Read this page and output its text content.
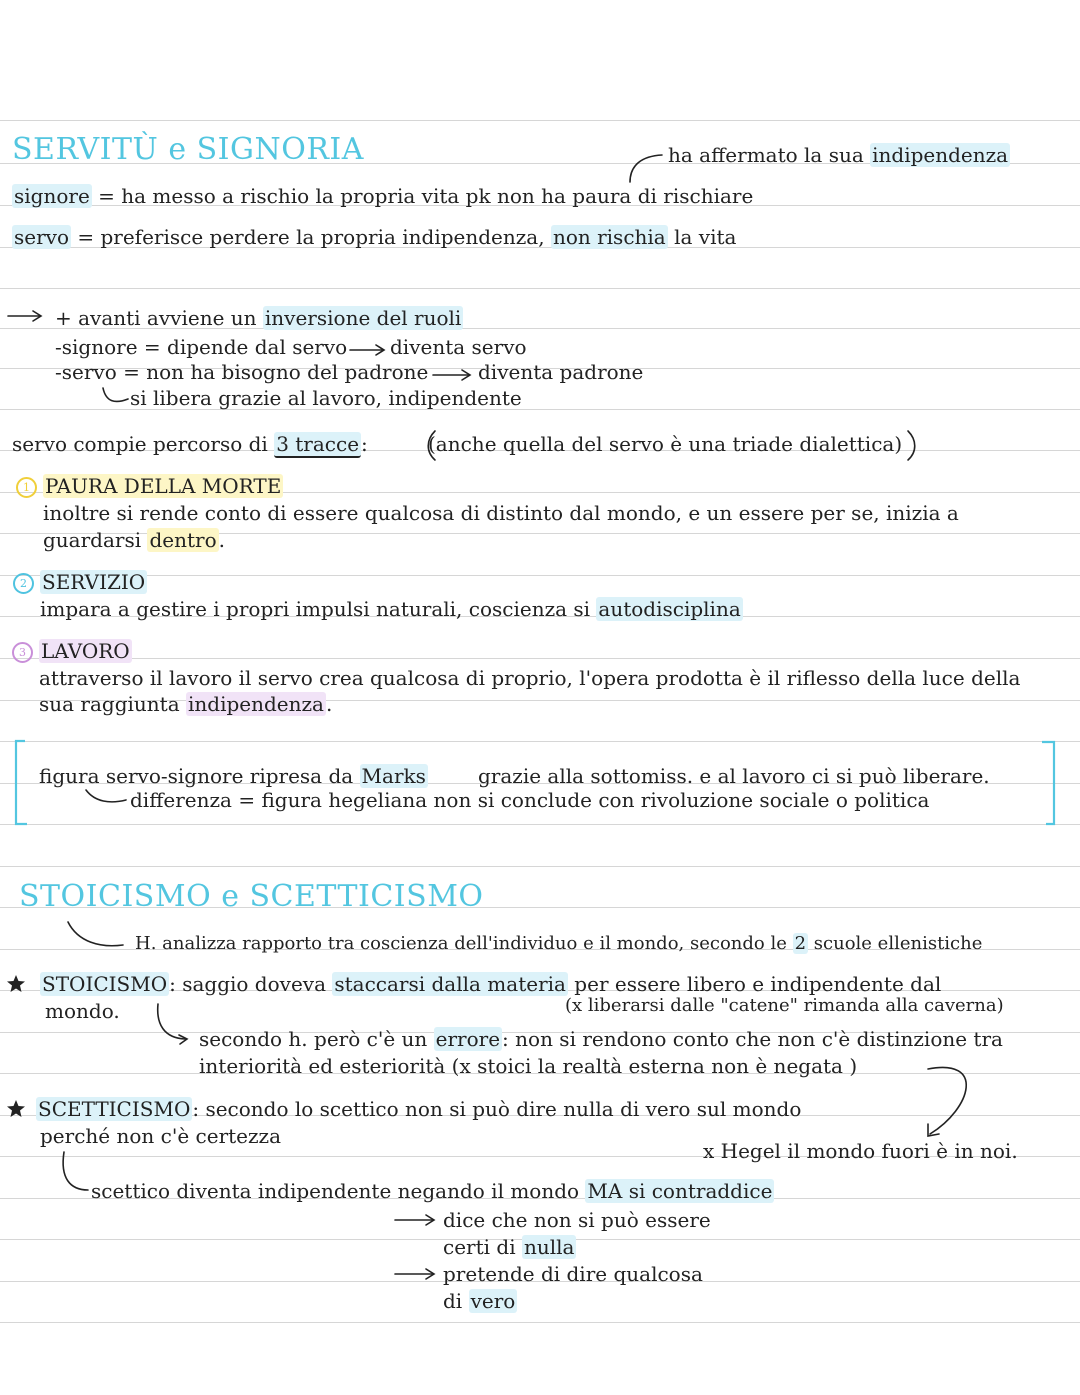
SERVITÙ e SIGNORIA	ha affermato la sua indipendenza
signore = ha messo a rischio la propria vita pk non ha paura di rischiare
servo = preferisce perdere la propria indipendenza, non rischia la vita
+ avanti avviene un inversione del ruoli
-signore = dipende dal servo diventa servo
-servo = non ha bisogno del padrone diventa padrone
si libera grazie al lavoro, indipendente
servo compie percorso di 3 tracce :	(anche quella del servo è una triade dialettica)
1 PAURA DELLA MORTE
inoltre si rende conto di essere qualcosa di distinto dal mondo, e un essere per se, inizia a
guardarsi dentro .
2 SERVIZIO
impara a gestire i propri impulsi naturali, coscienza si autodisciplina
3 LAVORO
attraverso il lavoro il servo crea qualcosa di proprio, l'opera prodotta è il riflesso della luce della
sua raggiunta indipendenza .
figura servo-signore ripresa da Marks	grazie alla sottomiss. e al lavoro ci si può liberare.
differenza = figura hegeliana non si conclude con rivoluzione sociale o politica
STOICISMO e SCETTICISMO
H. analizza rapporto tra coscienza dell'individuo e il mondo, secondo le 2 scuole ellenistiche
STOICISMO : saggio doveva staccarsi dalla materia per essere libero e indipendente dal
mondo.	(x liberarsi dalle "catene" rimanda alla caverna)
secondo h. però c'è un errore : non si rendono conto che non c'è distinzione tra
interiorità ed esteriorità (x stoici la realtà esterna non è negata )
SCETTICISMO : secondo lo scettico non si può dire nulla di vero sul mondo
perché non c'è certezza
x Hegel il mondo fuori è in noi.
scettico diventa indipendente negando il mondo MA si contraddice
dice che non si può essere
certi di nulla
pretende di dire qualcosa
di vero
